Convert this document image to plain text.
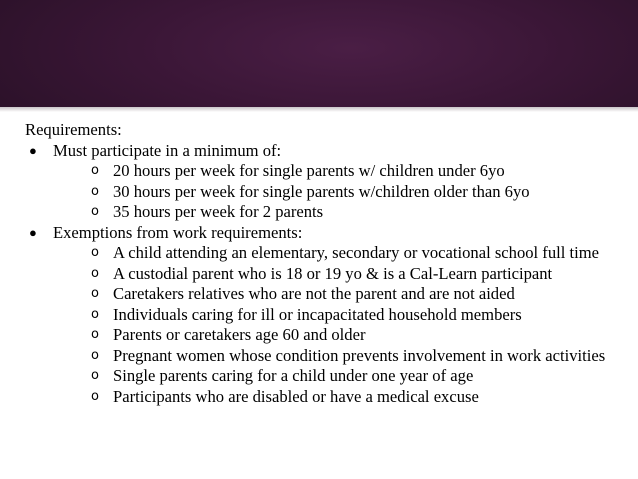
Requirements:
● Must participate in a minimum of:
o 20 hours per week for single parents w/ children under 6yo
o 30 hours per week for single parents w/children older than 6yo
o 35 hours per week for 2 parents
● Exemptions from work requirements:
o A child attending an elementary, secondary or vocational school full time
o A custodial parent who is 18 or 19 yo & is a Cal-Learn participant
o Caretakers relatives who are not the parent and are not aided
o Individuals caring for ill or incapacitated household members
o Parents or caretakers age 60 and older
o Pregnant women whose condition prevents involvement in work activities
o Single parents caring for a child under one year of age
o Participants who are disabled or have a medical excuse
